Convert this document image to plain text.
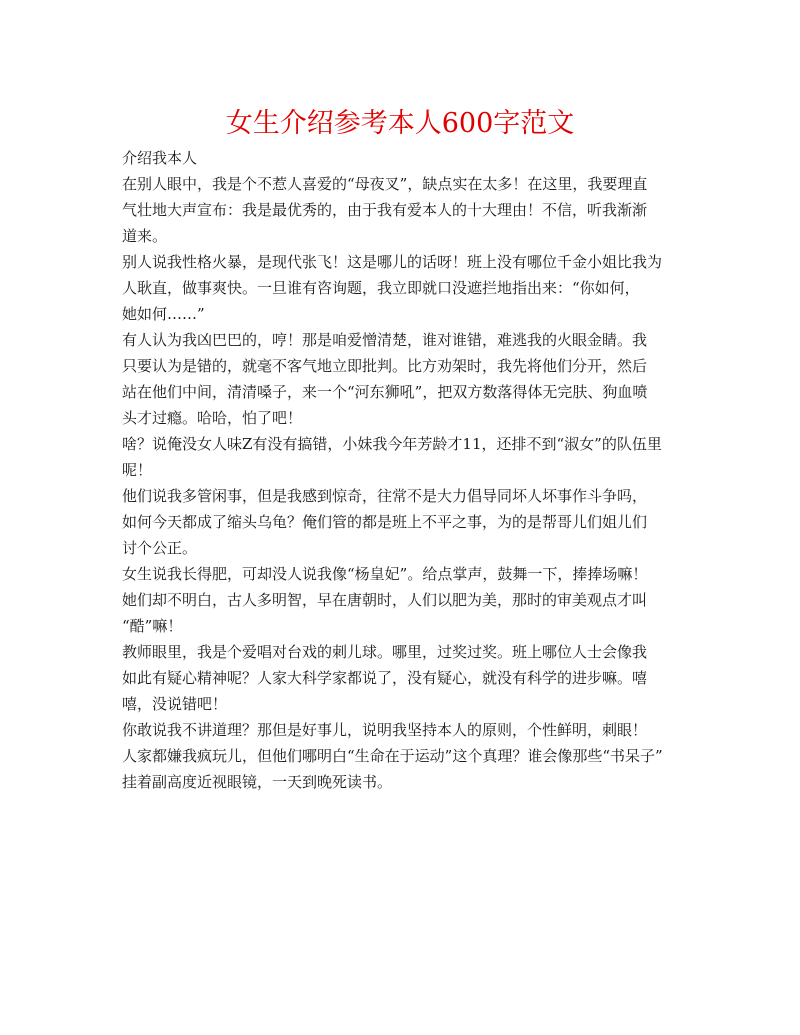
女生介绍参考本人600字范文

介绍我本人

在别人眼中，我是个不惹人喜爱的“母夜叉”，缺点实在太多！在这里，我要理直
气壮地大声宣布：我是最优秀的，由于我有爱本人的十大理由！不信，听我渐渐
道来。

别人说我性格火暴，是现代张飞！这是哪儿的话呀！班上没有哪位千金小姐比我为
人耿直，做事爽快。一旦谁有咨询题，我立即就口没遮拦地指出来：“你如何，
她如何……”

有人认为我凶巴巴的，哼！那是咱爱憎清楚，谁对谁错，难逃我的火眼金睛。我
只要认为是错的，就毫不客气地立即批判。比方劝架时，我先将他们分开，然后
站在他们中间，清清嗓子，来一个“河东狮吼”，把双方数落得体无完肤、狗血喷
头才过瘾。哈哈，怕了吧！

啥？说俺没女人味Z有没有搞错，小妹我今年芳龄才11，还排不到“淑女”的队伍里
呢！

他们说我多管闲事，但是我感到惊奇，往常不是大力倡导同坏人坏事作斗争吗，
如何今天都成了缩头乌龟？俺们管的都是班上不平之事，为的是帮哥儿们姐儿们
讨个公正。

女生说我长得肥，可却没人说我像“杨皇妃”。给点掌声，鼓舞一下，捧捧场嘛！
她们却不明白，古人多明智，早在唐朝时，人们以肥为美，那时的审美观点才叫
“酷”嘛！

教师眼里，我是个爱唱对台戏的刺儿球。哪里，过奖过奖。班上哪位人士会像我
如此有疑心精神呢？人家大科学家都说了，没有疑心，就没有科学的进步嘛。嘻
嘻，没说错吧！

你敢说我不讲道理？那但是好事儿，说明我坚持本人的原则，个性鲜明，刺眼！

人家都嫌我疯玩儿，但他们哪明白“生命在于运动”这个真理？谁会像那些“书呆子”
挂着副高度近视眼镜，一天到晚死读书。
